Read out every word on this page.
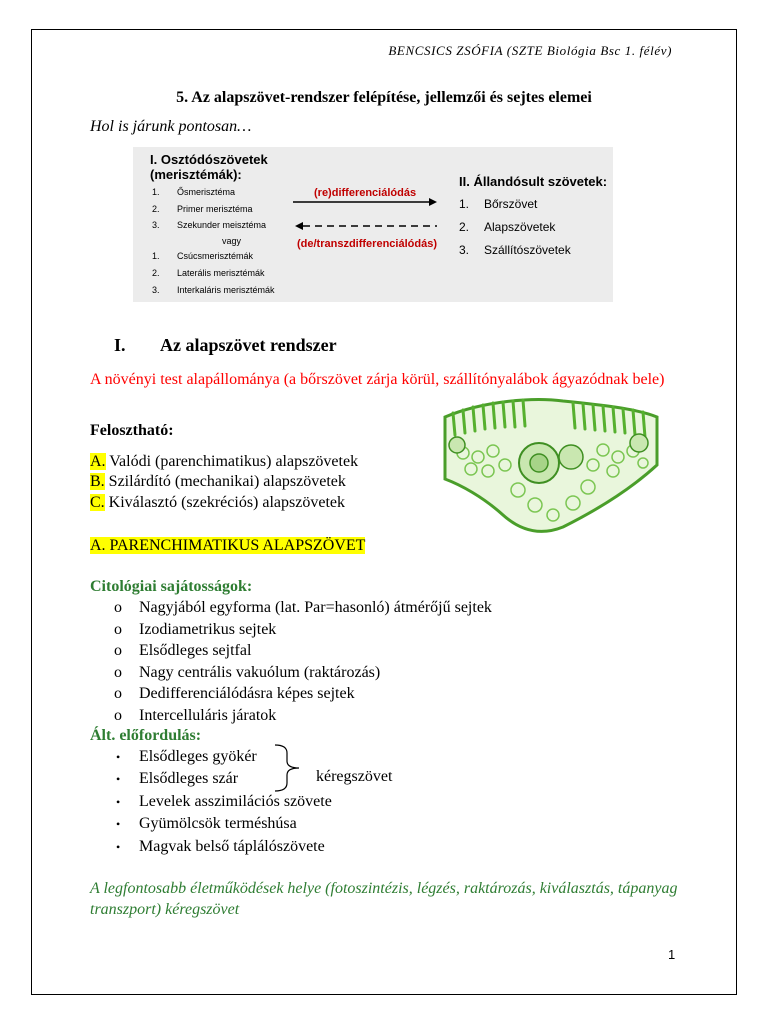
BENCSICS ZSÓFIA (SZTE Biológia Bsc 1. félév)
5. Az alapszövet-rendszer felépítése, jellemzői és sejtes elemei
Hol is járunk pontosan…
I. Osztódószövetek (merisztémák):
1. Ősmerisztéma
2. Primer merisztéma
3. Szekunder meisztéma
vagy
1. Csúcsmerisztémák
2. Laterális merisztémák
3. Interkaláris merisztémák
(re)differenciálódás
(de/transzdifferenciálódás)
II. Állandósult szövetek:
1. Bőrszövet
2. Alapszövetek
3. Szállítószövetek
I. Az alapszövet rendszer
A növényi test alapállománya (a bőrszövet zárja körül, szállítónyalábok ágyazódnak bele)
Felosztható:
A. Valódi (parenchimatikus) alapszövetek
B. Szilárdító (mechanikai) alapszövetek
C. Kiválasztó (szekréciós) alapszövetek
A. PARENCHIMATIKUS ALAPSZÖVET
Citológiai sajátosságok:
o Nagyjából egyforma (lat. Par=hasonló) átmérőjű sejtek
o Izodiametrikus sejtek
o Elsődleges sejtfal
o Nagy centrális vakuólum (raktározás)
o Dedifferenciálódásra képes sejtek
o Intercelluláris járatok
Ált. előfordulás:
• Elsődleges gyökér
• Elsődleges szár
• Levelek asszimilációs szövete
• Gyümölcsök terméshúsa
• Magvak belső táplálószövete
kéregszövet
A legfontosabb életműködések helye (fotoszintézis, légzés, raktározás, kiválasztás, tápanyag transzport) kéregszövet
1
